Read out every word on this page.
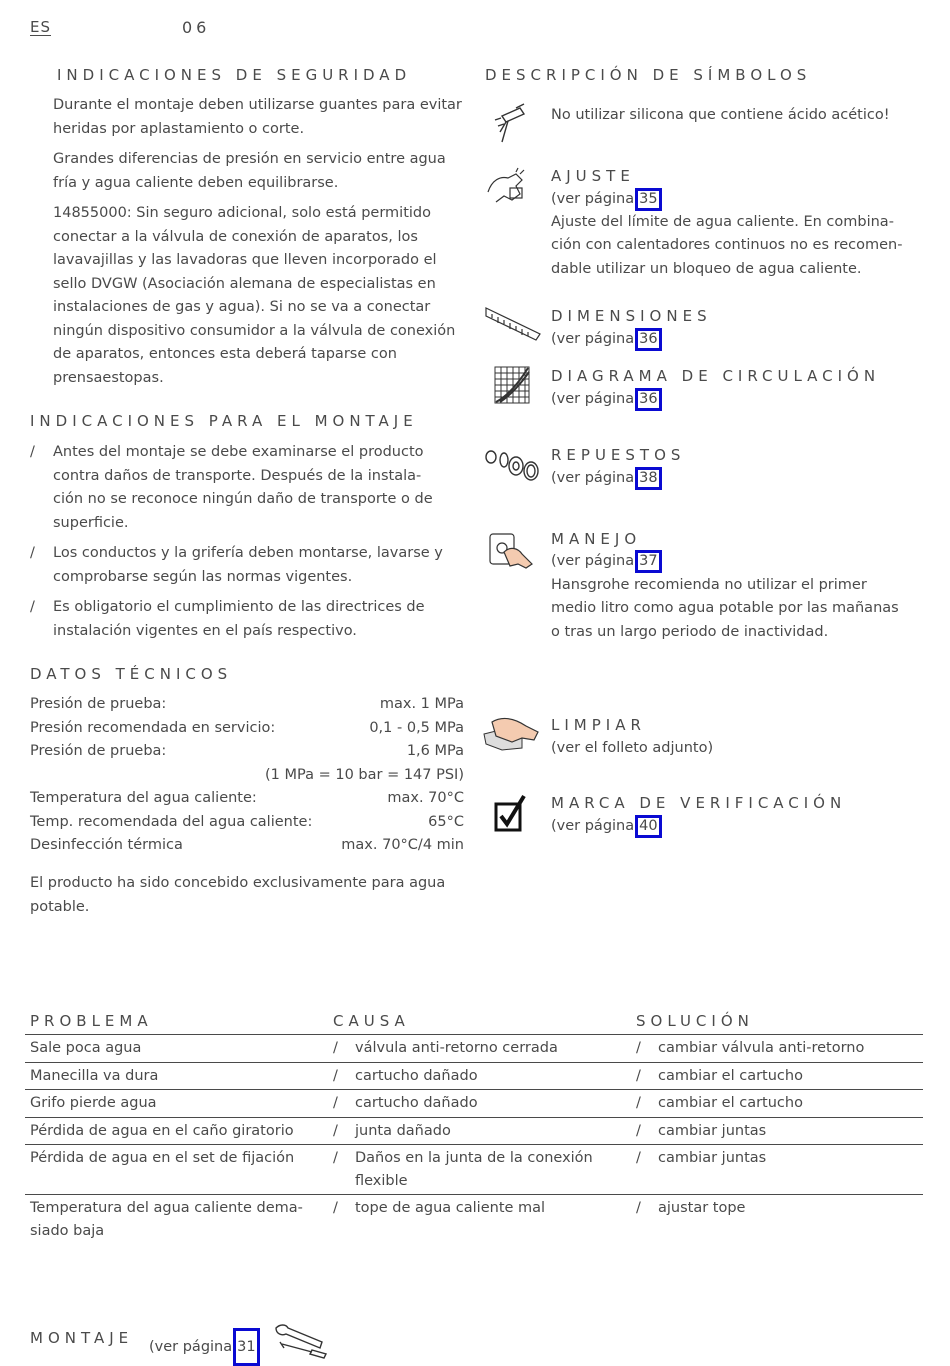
ES	06
INDICACIONES DE SEGURIDAD
Durante el montaje deben utilizarse guantes para evitar heridas por aplastamiento o corte.
Grandes diferencias de presión en servicio entre agua fría y agua caliente deben equilibrarse.
14855000: Sin seguro adicional, solo está permitido conectar a la válvula de conexión de aparatos, los lavavajillas y las lavadoras que lleven incorporado el sello DVGW (Asociación alemana de especialistas en instalaciones de gas y agua). Si no se va a conectar ningún dispositivo consumidor a la válvula de conexión de aparatos, entonces esta deberá taparse con prensaestopas.
INDICACIONES PARA EL MONTAJE
/ Antes del montaje se debe examinarse el producto contra daños de transporte. Después de la instala-ción no se reconoce ningún daño de transporte o de superficie.
/ Los conductos y la grifería deben montarse, lavarse y comprobarse según las normas vigentes.
/ Es obligatorio el cumplimiento de las directrices de instalación vigentes en el país respectivo.
DATOS TÉCNICOS
Presión de prueba:	max. 1 MPa
Presión recomendada en servicio:	0,1 - 0,5 MPa
Presión de prueba:	1,6 MPa
(1 MPa = 10 bar = 147 PSI)
Temperatura del agua caliente:	max. 70°C
Temp. recomendada del agua caliente:	65°C
Desinfección térmica	max. 70°C/4 min
El producto ha sido concebido exclusivamente para agua potable.
DESCRIPCIÓN DE SÍMBOLOS
No utilizar silicona que contiene ácido acético!
AJUSTE
(ver página 35
Ajuste del límite de agua caliente. En combina-
ción con calentadores continuos no es recomen-
dable utilizar un bloqueo de agua caliente.
DIMENSIONES
(ver página 36
DIAGRAMA DE CIRCULACIÓN
(ver página 36
REPUESTOS
(ver página 38
MANEJO
(ver página 37
Hansgrohe recomienda no utilizar el primer
medio litro como agua potable por las mañanas
o tras un largo periodo de inactividad.
LIMPIAR
(ver el folleto adjunto)
MARCA DE VERIFICACIÓN
(ver página 40
PROBLEMA	CAUSA	SOLUCIÓN
Sale poca agua	/ válvula anti-retorno cerrada	/ cambiar válvula anti-retorno

Manecilla va dura	/ cartucho dañado	/ cambiar el cartucho

Grifo pierde agua	/ cartucho dañado	/ cambiar el cartucho

Pérdida de agua en el caño giratorio	/ junta dañado	/ cambiar juntas

Pérdida de agua en el set de fijación	/ Daños en la junta de la conexión flexible	/ cambiar juntas

Temperatura del agua caliente dema-siado baja	/ tope de agua caliente mal	/ ajustar tope
MONTAJE (ver página 31
